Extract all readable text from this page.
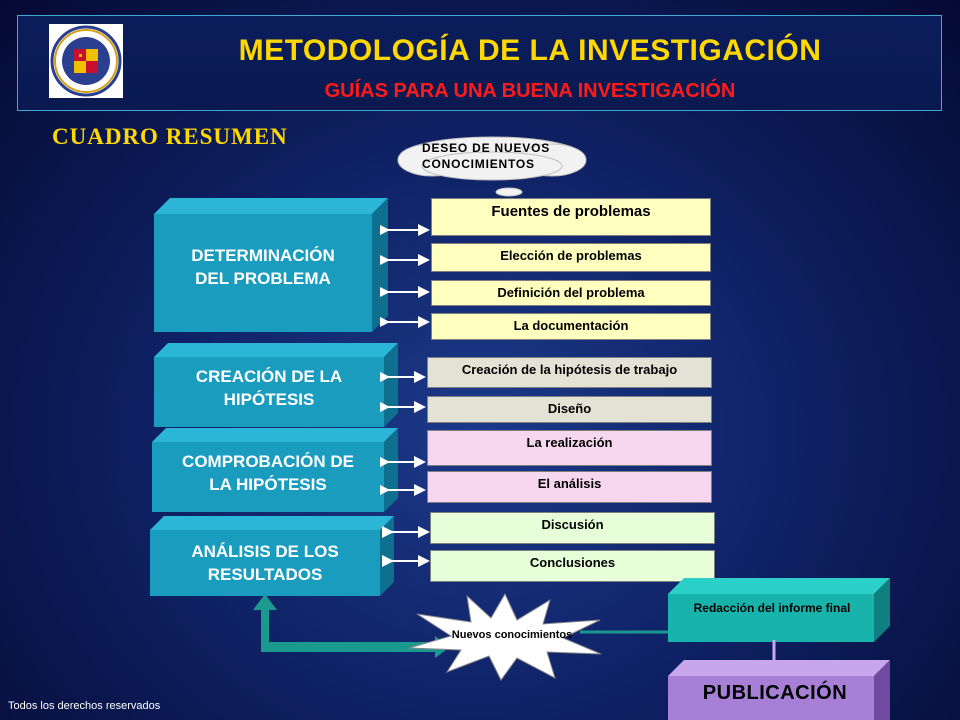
METODOLOGÍA DE LA INVESTIGACIÓN
GUÍAS PARA UNA BUENA INVESTIGACIÓN
CUADRO RESUMEN	DESEO DE NUEVOS CONOCIMIENTOS
DETERMINACIÓN
DEL PROBLEMA
CREACIÓN DE LA
HIPÓTESIS
COMPROBACIÓN DE
LA HIPÓTESIS
ANÁLISIS DE LOS
RESULTADOS
Fuentes de problemas
Elección de problemas
Definición del problema
La documentación
Creación de la hipótesis de trabajo
Diseño
La realización
El análisis
Discusión
Conclusiones
Nuevos conocimientos
Redacción del informe final
PUBLICACIÓN
Todos los derechos reservados
